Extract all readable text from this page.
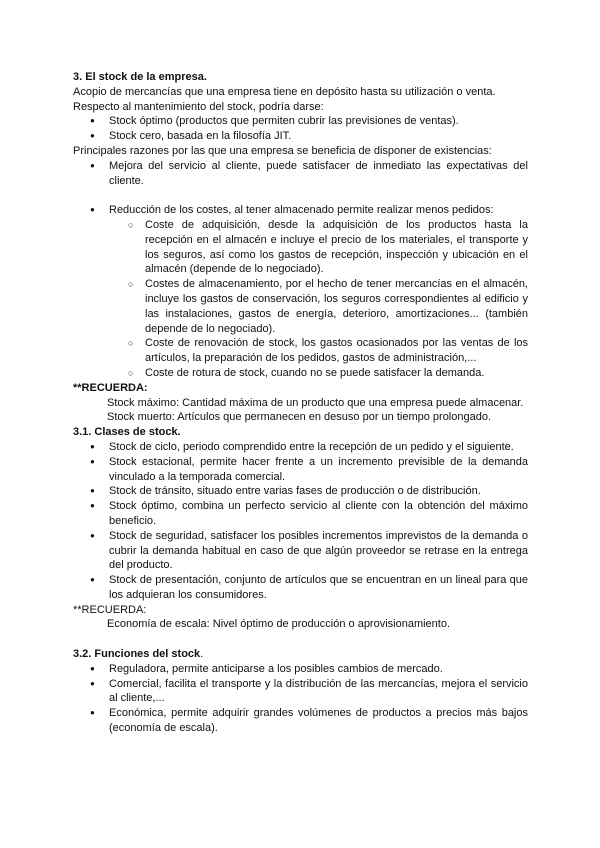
3. El stock de la empresa.

Acopio de mercancías que una empresa tiene en depósito hasta su utilización o venta.

Respecto al mantenimiento del stock, podría darse:

● Stock óptimo (productos que permiten cubrir las previsiones de ventas).
● Stock cero, basada en la filosofía JIT.

Principales razones por las que una empresa se beneficia de disponer de existencias:

● Mejora del servicio al cliente, puede satisfacer de inmediato las expectativas del cliente.
● Reducción de los costes, al tener almacenado permite realizar menos pedidos:
○ Coste de adquisición, desde la adquisición de los productos hasta la recepción en el almacén e incluye el precio de los materiales, el transporte y los seguros, así como los gastos de recepción, inspección y ubicación en el almacén (depende de lo negociado).
○ Costes de almacenamiento, por el hecho de tener mercancías en el almacén, incluye los gastos de conservación, los seguros correspondientes al edificio y las instalaciones, gastos de energía, deterioro, amortizaciones... (también depende de lo negociado).
○ Coste de renovación de stock, los gastos ocasionados por las ventas de los artículos, la preparación de los pedidos, gastos de administración,...
○ Coste de rotura de stock, cuando no se puede satisfacer la demanda.

**RECUERDA:

Stock máximo: Cantidad máxima de un producto que una empresa puede almacenar.

Stock muerto: Artículos que permanecen en desuso por un tiempo prolongado.

3.1. Clases de stock.

● Stock de ciclo, periodo comprendido entre la recepción de un pedido y el siguiente.
● Stock estacional, permite hacer frente a un incremento previsible de la demanda vinculado a la temporada comercial.
● Stock de tránsito, situado entre varias fases de producción o de distribución.
● Stock óptimo, combina un perfecto servicio al cliente con la obtención del máximo beneficio.
● Stock de seguridad, satisfacer los posibles incrementos imprevistos de la demanda o cubrir la demanda habitual en caso de que algún proveedor se retrase en la entrega del producto.
● Stock de presentación, conjunto de artículos que se encuentran en un lineal para que los adquieran los consumidores.

**RECUERDA:

Economía de escala: Nivel óptimo de producción o aprovisionamiento.

3.2. Funciones del stock.

● Reguladora, permite anticiparse a los posibles cambios de mercado.
● Comercial, facilita el transporte y la distribución de las mercancías, mejora el servicio al cliente,...
● Económica, permite adquirir grandes volúmenes de productos a precios más bajos (economía de escala).
